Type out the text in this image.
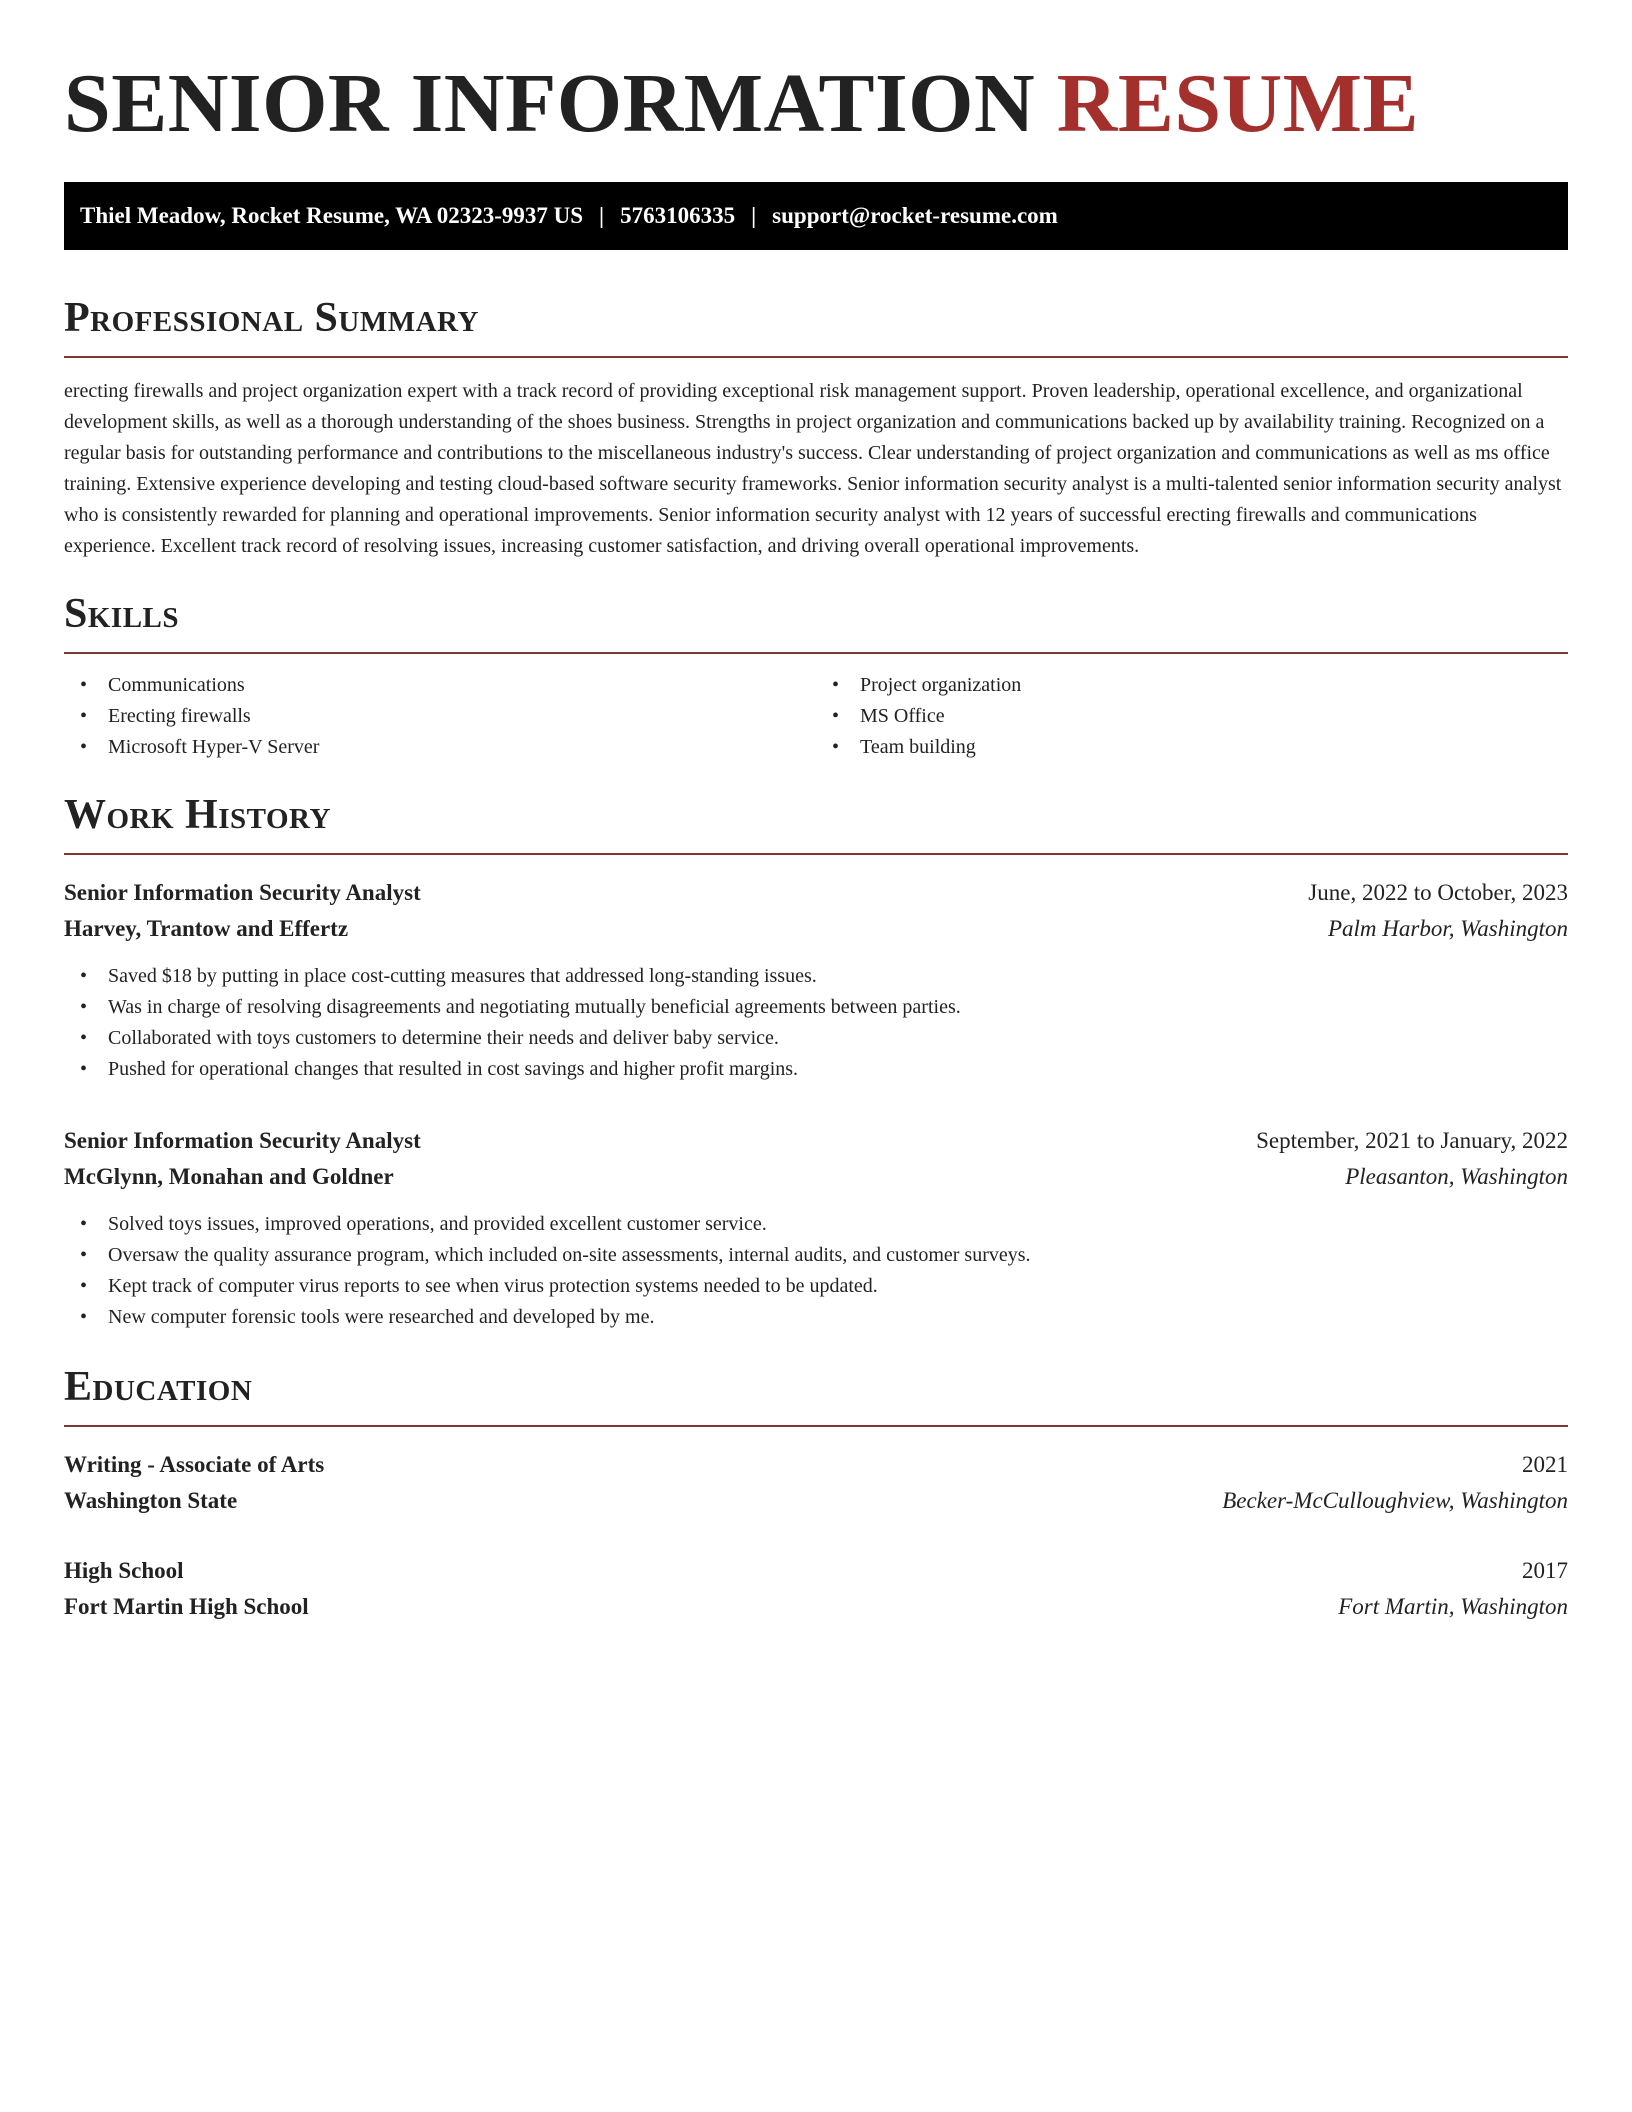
SENIOR INFORMATION RESUME
Thiel Meadow, Rocket Resume, WA 02323-9937 US | 5763106335 | support@rocket-resume.com
Professional Summary

erecting firewalls and project organization expert with a track record of providing exceptional risk management support. Proven leadership, operational excellence, and organizational development skills, as well as a thorough understanding of the shoes business. Strengths in project organization and communications backed up by availability training. Recognized on a regular basis for outstanding performance and contributions to the miscellaneous industry's success. Clear understanding of project organization and communications as well as ms office training. Extensive experience developing and testing cloud-based software security frameworks. Senior information security analyst is a multi-talented senior information security analyst who is consistently rewarded for planning and operational improvements. Senior information security analyst with 12 years of successful erecting firewalls and communications experience. Excellent track record of resolving issues, increasing customer satisfaction, and driving overall operational improvements.

Skills
• Communications
• Erecting firewalls
• Microsoft Hyper-V Server
• Project organization
• MS Office
• Team building
Work History
Senior Information Security Analyst	June, 2022 to October, 2023
Harvey, Trantow and Effertz	Palm Harbor, Washington
• Saved $18 by putting in place cost-cutting measures that addressed long-standing issues.
• Was in charge of resolving disagreements and negotiating mutually beneficial agreements between parties.
• Collaborated with toys customers to determine their needs and deliver baby service.
• Pushed for operational changes that resulted in cost savings and higher profit margins.
Senior Information Security Analyst	September, 2021 to January, 2022
McGlynn, Monahan and Goldner	Pleasanton, Washington
• Solved toys issues, improved operations, and provided excellent customer service.
• Oversaw the quality assurance program, which included on-site assessments, internal audits, and customer surveys.
• Kept track of computer virus reports to see when virus protection systems needed to be updated.
• New computer forensic tools were researched and developed by me.
Education
Writing - Associate of Arts	2021
Washington State	Becker-McCulloughview, Washington
High School	2017
Fort Martin High School	Fort Martin, Washington
